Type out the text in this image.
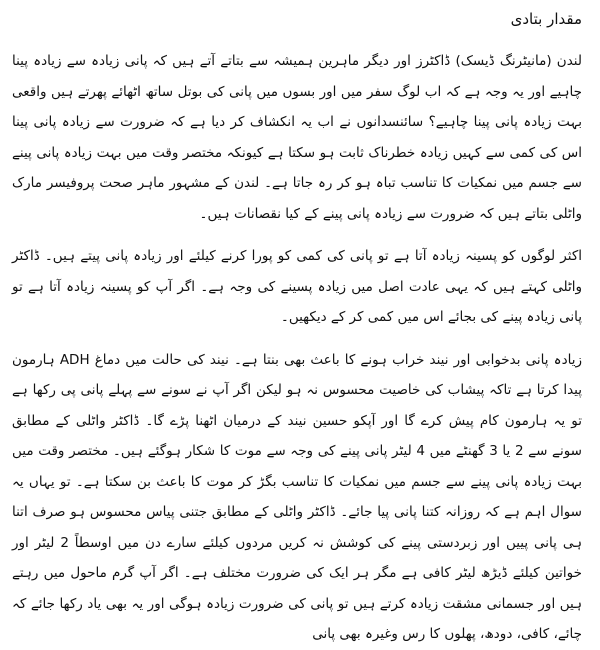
مقدار بتادی

لندن (مانیٹرنگ ڈیسک) ڈاکٹرز اور دیگر ماہرین ہمیشہ سے بتاتے آتے ہیں کہ پانی زیادہ سے زیادہ پینا چاہیے اور یہ وجہ ہے کہ اب لوگ سفر میں اور بسوں میں پانی کی بوتل ساتھ اٹھائے پھرتے ہیں واقعی بہت زیادہ پانی پینا چاہیے؟ سائنسدانوں نے اب یہ انکشاف کر دیا ہے کہ ضرورت سے زیادہ پانی پینا اس کی کمی سے کہیں زیادہ خطرناک ثابت ہو سکتا ہے کیونکہ مختصر وقت میں بہت زیادہ پانی پینے سے جسم میں نمکیات کا تناسب تباہ ہو کر رہ جاتا ہے۔ لندن کے مشہور ماہر صحت پروفیسر مارک واٹلی بتاتے ہیں کہ ضرورت سے زیادہ پانی پینے کے کیا نقصانات ہیں۔

اکثر لوگوں کو پسینہ زیادہ آتا ہے تو پانی کی کمی کو پورا کرنے کیلئے اور زیادہ پانی پیتے ہیں۔ ڈاکٹر واٹلی کہتے ہیں کہ یہی عادت اصل میں زیادہ پسینے کی وجہ ہے۔ اگر آپ کو پسینہ زیادہ آتا ہے تو پانی زیادہ پینے کی بجائے اس میں کمی کر کے دیکھیں۔

زیادہ پانی بدخوابی اور نیند خراب ہونے کا باعث بھی بنتا ہے۔ نیند کی حالت میں دماغ ADH ہارمون پیدا کرتا ہے تاکہ پیشاب کی خاصیت محسوس نہ ہو لیکن اگر آپ نے سونے سے پہلے پانی پی رکھا ہے تو یہ ہارمون کام پیش کرے گا اور آپکو حسین نیند کے درمیان اٹھنا پڑے گا۔ ڈاکٹر واٹلی کے مطابق سونے سے 2 یا 3 گھنٹے میں 4 لیٹر پانی پینے کی وجہ سے موت کا شکار ہوگئے ہیں۔ مختصر وقت میں بہت زیادہ پانی پینے سے جسم میں نمکیات کا تناسب بگڑ کر موت کا باعث بن سکتا ہے۔ تو یہاں یہ سوال اہم ہے کہ روزانہ کتنا پانی پیا جائے۔ ڈاکٹر واٹلی کے مطابق جتنی پیاس محسوس ہو صرف اتنا ہی پانی پییں اور زبردستی پینے کی کوشش نہ کریں مردوں کیلئے سارے دن میں اوسطاً 2 لیٹر اور خواتین کیلئے ڈیڑھ لیٹر کافی ہے مگر ہر ایک کی ضرورت مختلف ہے۔ اگر آپ گرم ماحول میں رہتے ہیں اور جسمانی مشقت زیادہ کرتے ہیں تو پانی کی ضرورت زیادہ ہوگی اور یہ بھی یاد رکھا جائے کہ چائے، کافی، دودھ، پھلوں کا رس وغیرہ بھی پانی
